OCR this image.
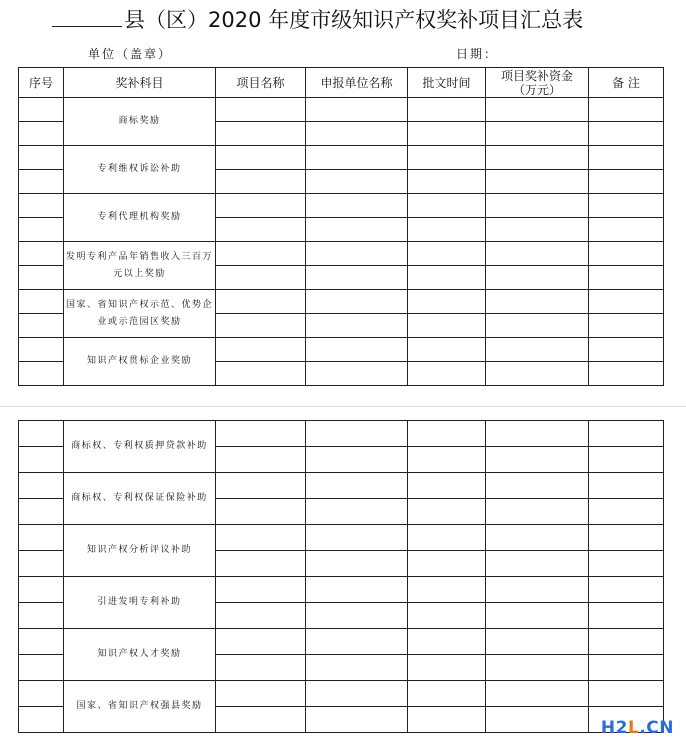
县（区）2020 年度市级知识产权奖补项目汇总表
单位（盖章）	日期：
序号	奖补科目	项目名称	申报单位名称	批文时间	项目奖补资金（万元）	备 注
	商标奖励					

	专利维权诉讼补助					

	专利代理机构奖励					

	发明专利产品年销售收入三百万元以上奖励					

	国家、省知识产权示范、优势企业或示范园区奖励					

	知识产权贯标企业奖励					

	商标权、专利权质押贷款补助					

	商标权、专利权保证保险补助					

	知识产权分析评议补助					

	引进发明专利补助					

	知识产权人才奖励					

	国家、省知识产权强县奖励					

H2L.CN
